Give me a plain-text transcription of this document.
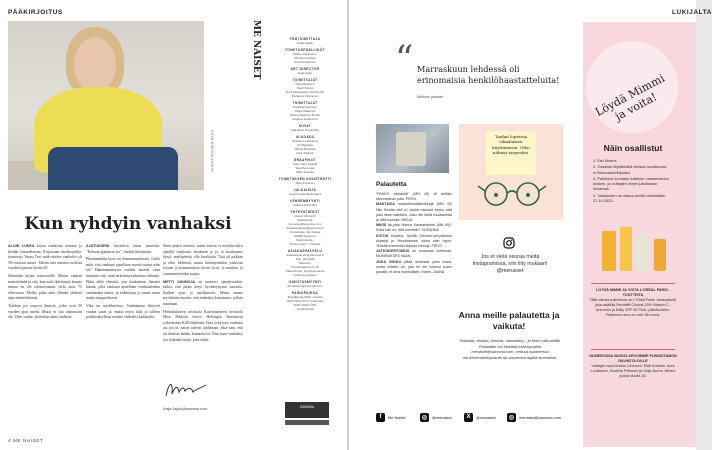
PÄÄKIRJOITUS
KUVA KSENIA VINKIN
Kun ryhdyin vanhaksi

ALOIN LUKEA kirjaa vanhoista naisista ja heidän viisaudestaan. Kirjassaan tietokirjailija-toimittaja Varpu Tavi mää-rittelee vanhaksi yli 50-vuotiaat naiset. Mietin tätä omassa-roolissa vuoden lopussa täytän 49.

Jännitähn kirjan ensisivuille. Mietin vanhan määritelmää ja sitä, kun mitä ikävämpiä kaunis mittaa en ole odottavatanut vielä noin 75 elinvuotta. Melko pitkä aika elämää yhdestä ajan määritelmästä.

Tokihän jos osaavat ihmisiä, jotka ovat 50 vuoden ajan mietti. Mutta ei sitä oikeastaan ole. Olen vanha; aloitettiin tämä uudessa.

AJATUKSENI havittivat mina suuressa. "Kokaan ajatuksia jos", räsähti liittymään.

Pikemminkin kyse on hämmennyksestä. Onko mitä, että vanhana ajatellaan nuoret naiset näin tai? Hämmentämyttä vanhan nuoren vaan katsokin sitä, mitä tarkoittaa tarkoittaa ehmisiä. Ehkä ehkä ehmisiä, jota kuulumme ihmisiä kautta, jolla vanhana ajatellaan vanhuudenkin vanhuuden mutta, ja eukkojaan ja rumat ruma naisia tasapuolisesti.

Vika on mielikuvissa. Vanhuuteen liittyvät vanhat sanat ja, mutta myös ikää ja tulleen poikkeuksellista nauttia vanhaksi kaikkialta.

Siten pitäisi miettiä, mistä meistä ei meidän tulisi ajatella vanhoina, kuvataan jo ja, ei kuuluvana, kysyi, mielipiteitä, olla kuulijoita. Tätä oli pitkään ja ollut lehdessä, mutta ikääntyneiden joukossa toisten ja kommentteja hyvin hyvä, ja muiden, ja ymmärrettäväksi naisia.

METTI VANHOJA on monesti ajattelenutkin, miksi, että pitäis tietyt hyväksyttyinä sanoiksi. Kaiken ajan, ja mielipiteitä. Mutta emme myöskään tarvitse, että vanhaksi kutsuttuna, jolloin nautitaan.

Helsinkilainen ravintola Kaivohuoneen ravintola Mira Rikkola kertoi Helsingin Sanomissa yökerhonsa K40-klubeista: Ikää ei kysytä; vanhuus on, jos se, naiset tulevat juhlimaan, eikä vain, että on ihmiset kaikki kuuntelevat. Niin kuin vanhaksi, nyt tykkään tietää, joka eläisi.

Katja Jajalo@sanoma.com
ME NAISET	PÄÄTOIMITTAJA
Katja Jajalo
TOIMITUSPÄÄLLIKÖT
Riikka Rekkonen
Marisel Lautela
San Pertikainen
ART DIRECTOR
Jutta Aalto
TOIMITTAJAT
Olivi Ahlström
Heidi Helmu
Enni Myllyvaara (vanhempi)
Marianne Nieminen
TOIMITTAJAT
Pauliina Kaininen
Tanja Hakanne
Sanna Aljander-Ruuth
Jessica Sinkkonen
KUVAT
Mia Elina Ruparlolla
ULKOASU
Evelina Lindholma
Ari Myllykko
Wilma Ruohola
Idas Tähtelä
GRAAFIKOT
Sani-Tuuli Jantilla
Teija Bertunen
Mari Saarela
TOIMITUKSEN ASSISTENTTI
Tiina Kyllonen
JULKAISIJA
Sanoma Media Finland
LEHDENMYYNTI
Robert Ruhimäki
YHTEYSTIEDOT
Viestit: 09-1221
Sähköposti:
menaiset@sanoma.com
asiakaspalvelu@sanoma.fi
Postiosoite: Me Naiset
00089 Sanoma
Käyntiosoite:
Toinen linja 7, Helsinki
ASIAKASPALVELU
asiakaspalvelu@sanoma.fi
Puh. 09-1222
Tilaukset:
Puhelinpalvelu 9-18
Tilaushinnat, toimitusmaksut
lehdet ja tuotteet
ILMOITUSMYYNTI
ilmoitukset@sanoma.com
PAINOPAIKKA
PunaMedia 2023, Forssa
ISSN 0024-1277 (painettu)
ISSN 2000-7451
(verkkolehti)
SANOMA
4 ME NAISET
LUKIJALTA
“ Marraskuun lehdessä oli erinomaisia henkilöhaastatteluita!
Malnain palaute
Palautetta

"PAKKO pihistellä" (MN 49) oli erittäin kiinnostavan juttu. PEKKI

MAKTAVIA markettimekkinnikkejä (MN 49) Niin Siedän että ei, koska minusta tuntui, että joka hinta mainittiin, Joku niin kallis muutamista ja niitä tuoreita. MIRJA

MIKSI tai juttu Nanna Karalahdesta (MN 49)? Kuka hän on, että menittiin? SUSANNA

KIITOS kirjoitus, hyvää Oleman-set-paketan kirjastyt ja Himoikamme lukea näin hyvin. Tehkää enemmän kirjasta hienoja. PIRJO

JATKOKERTOMUS on mukavaa luettavaa. MUMMUKSES VAAN

JOKA VIIKKO ylitää lehdessä jutun lukea, mutta niitäkin on, jota en ole lukenut kuten jutuista, ei aina mahdollista. Harmi. JAANA

Taidan lopettaa silmälasien käyttämisen. Olen nähnyt tarpeeksi.
Jos et vielä seuraa meitä Instagramissa, niin liity mukaan! @menaiset
Anna meille palautetta ja vaikuta!
Rakasta, vihasta, innosta, hämmästy – ja kerro sitä meillä! Palautetta voi lähettää sähköpostilla menaiset@sanoma.com, netissä osoitteessa me.fi/menaiset/palaute tai someessa tägillä #menaiset.
f	Me Naiset	◎	@menaiset	X	@menaiset	◎	menaiset@sanoma.com
Löydä Mimmi ja voita!
Näin osallistut
1. Etsi Mimmi.
2. Osallistu täyttämällä netissä osoitteessa is.fi/menaiset/kilpailut.
3. Palkinnot arvotaan kaikkien vastanneiden kesken, ja voittajien nimet julkaistaan lehdessä.
4. Vastausten on oltava perillä viimeistään 27.10.2023.
LÖYDÄ MIMMI JA VOITA L'ORÉAL PARIS -TUOTTEITA
Tällä viikolla palkintona on L'Oréal Paris -tuotepaketti, joka sisältää Revitalift Clinical 15% Vitamin C -seerumin ja Daily SPF 50 Fluid -päivävoiteen. Palkinnon arvo on noin 58 euroa.
NUMEROSSA 46/2023 ARVOIMME PUHDISTAMON RAVINTOLOILLE
Voittajat ovat Anniina Juntunen, Raili Koivisto, Aura Luotiainen, Kristiina Peltonen ja Seija Nurmi. Mimmi juoksi sivulla 16.
